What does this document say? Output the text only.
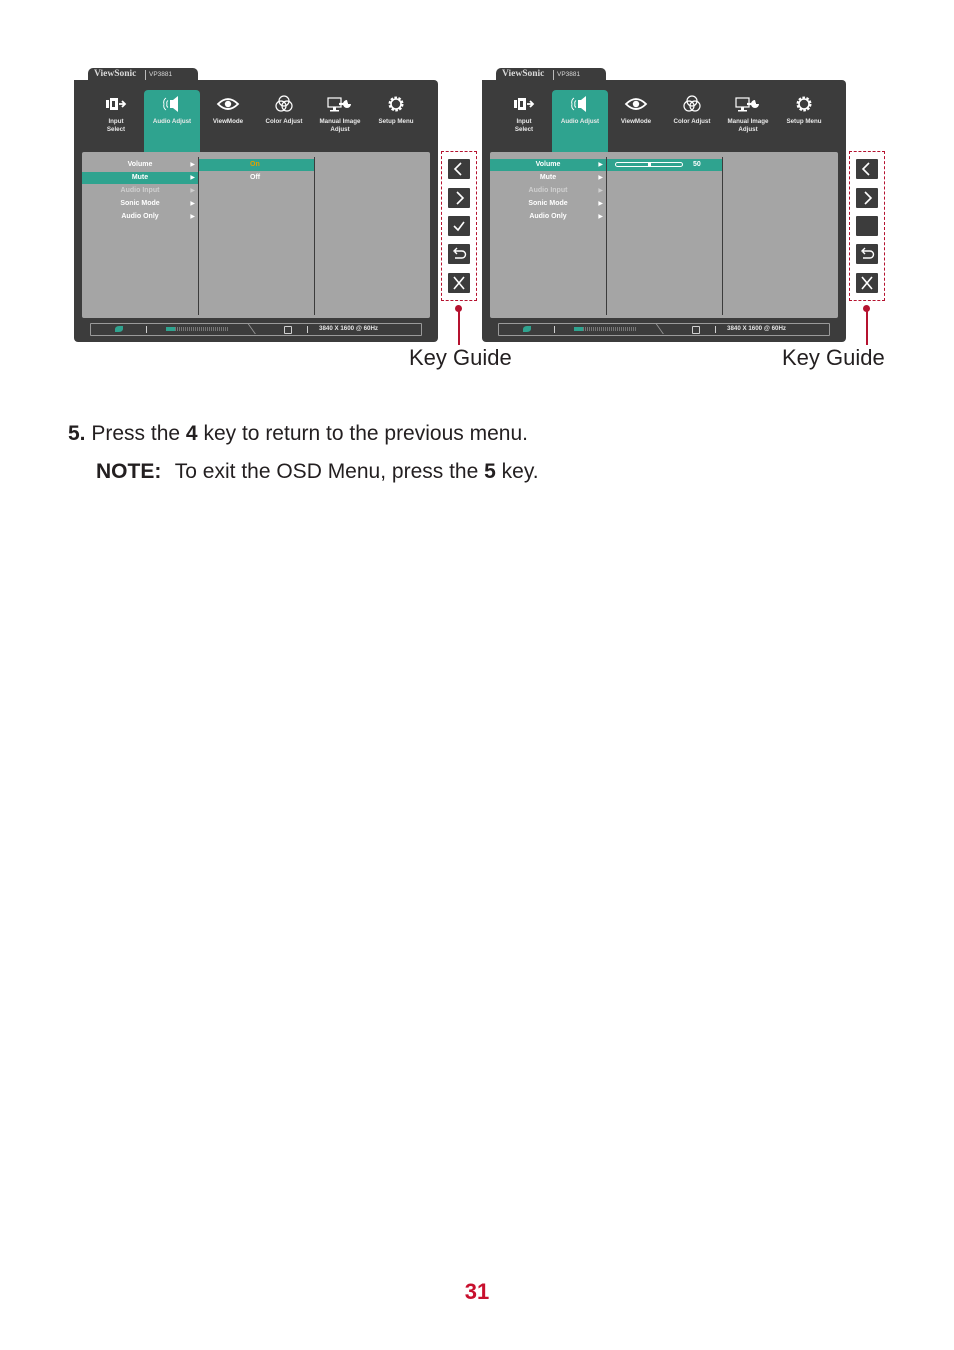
ViewSonic VP3881
Input
Select
Audio Adjust	ViewMode	Color Adjust	Manual Image
Adjust
Setup Menu
Volume	▶
Mute	▶
Audio Input	▶
Sonic Mode	▶
Audio Only	▶
On
Off
3840 X 1600 @ 60Hz
ViewSonic VP3881
Input
Select
Audio Adjust	ViewMode	Color Adjust	Manual Image
Adjust
Setup Menu
Volume	▶
Mute	▶
Audio Input	▶
Sonic Mode	▶
Audio Only	▶
50
3840 X 1600 @ 60Hz
Key Guide	Key Guide
5. Press the 4 key to return to the previous menu.
NOTE: To exit the OSD Menu, press the 5 key.
31
